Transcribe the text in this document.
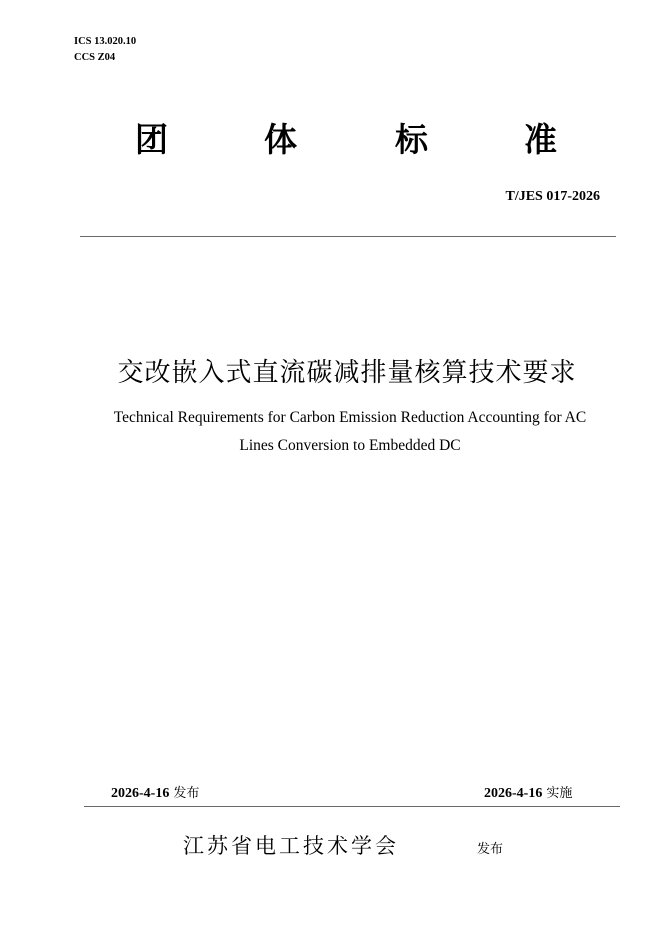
ICS 13.020.10
CCS Z04
团	体	标	准
T/JES 017-2026
交改嵌入式直流碳减排量核算技术要求
Technical Requirements for Carbon Emission Reduction Accounting for AC
Lines Conversion to Embedded DC
2026-4-16 发布	2026-4-16 实施
江苏省电工技术学会	发布
